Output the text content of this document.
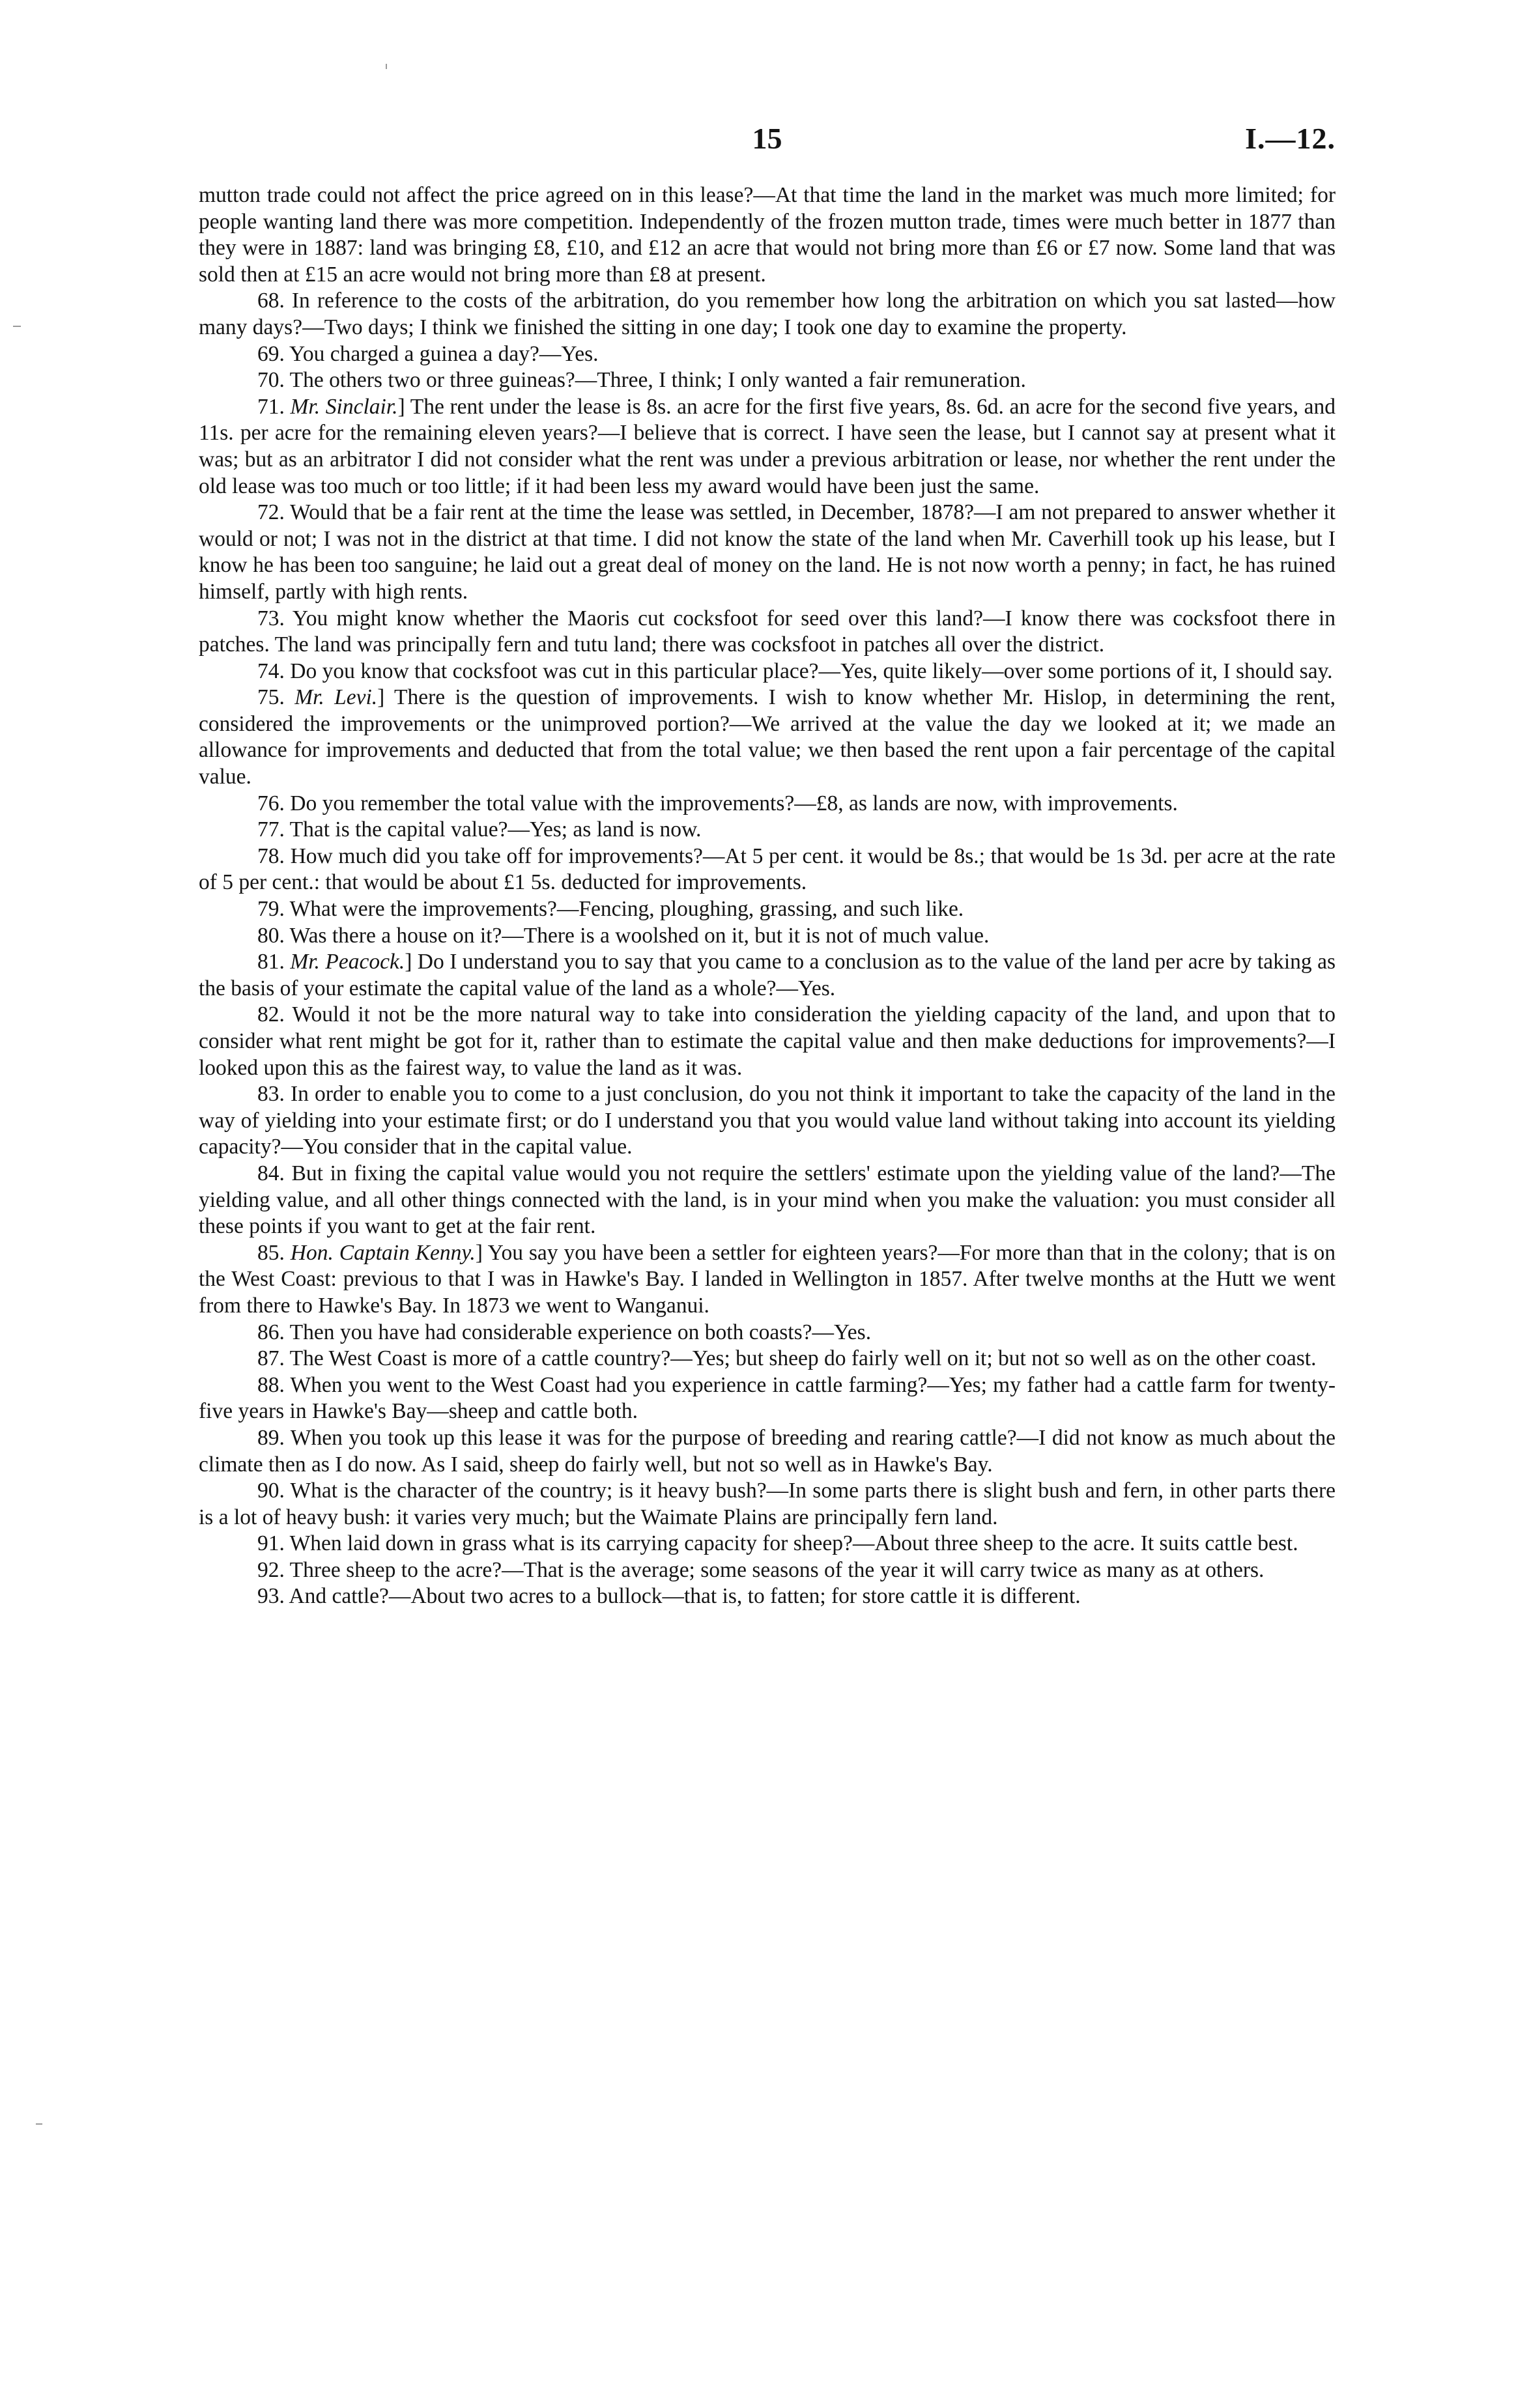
15	I.—12.

mutton trade could not affect the price agreed on in this lease?—At that time the land in the market was much more limited; for people wanting land there was more competition. Independently of the frozen mutton trade, times were much better in 1877 than they were in 1887: land was bringing £8, £10, and £12 an acre that would not bring more than £6 or £7 now. Some land that was sold then at £15 an acre would not bring more than £8 at present.

68. In reference to the costs of the arbitration, do you remember how long the arbitration on which you sat lasted—how many days?—Two days; I think we finished the sitting in one day; I took one day to examine the property.

69. You charged a guinea a day?—Yes.

70. The others two or three guineas?—Three, I think; I only wanted a fair remuneration.

71. Mr. Sinclair.] The rent under the lease is 8s. an acre for the first five years, 8s. 6d. an acre for the second five years, and 11s. per acre for the remaining eleven years?—I believe that is correct. I have seen the lease, but I cannot say at present what it was; but as an arbitrator I did not consider what the rent was under a previous arbitration or lease, nor whether the rent under the old lease was too much or too little; if it had been less my award would have been just the same.

72. Would that be a fair rent at the time the lease was settled, in December, 1878?—I am not prepared to answer whether it would or not; I was not in the district at that time. I did not know the state of the land when Mr. Caverhill took up his lease, but I know he has been too sanguine; he laid out a great deal of money on the land. He is not now worth a penny; in fact, he has ruined himself, partly with high rents.

73. You might know whether the Maoris cut cocksfoot for seed over this land?—I know there was cocksfoot there in patches. The land was principally fern and tutu land; there was cocksfoot in patches all over the district.

74. Do you know that cocksfoot was cut in this particular place?—Yes, quite likely—over some portions of it, I should say.

75. Mr. Levi.] There is the question of improvements. I wish to know whether Mr. Hislop, in determining the rent, considered the improvements or the unimproved portion?—We arrived at the value the day we looked at it; we made an allowance for improvements and deducted that from the total value; we then based the rent upon a fair percentage of the capital value.

76. Do you remember the total value with the improvements?—£8, as lands are now, with improvements.

77. That is the capital value?—Yes; as land is now.

78. How much did you take off for improvements?—At 5 per cent. it would be 8s.; that would be 1s 3d. per acre at the rate of 5 per cent.: that would be about £1 5s. deducted for improvements.

79. What were the improvements?—Fencing, ploughing, grassing, and such like.

80. Was there a house on it?—There is a woolshed on it, but it is not of much value.

81. Mr. Peacock.] Do I understand you to say that you came to a conclusion as to the value of the land per acre by taking as the basis of your estimate the capital value of the land as a whole?—Yes.

82. Would it not be the more natural way to take into consideration the yielding capacity of the land, and upon that to consider what rent might be got for it, rather than to estimate the capital value and then make deductions for improvements?—I looked upon this as the fairest way, to value the land as it was.

83. In order to enable you to come to a just conclusion, do you not think it important to take the capacity of the land in the way of yielding into your estimate first; or do I understand you that you would value land without taking into account its yielding capacity?—You consider that in the capital value.

84. But in fixing the capital value would you not require the settlers' estimate upon the yielding value of the land?—The yielding value, and all other things connected with the land, is in your mind when you make the valuation: you must consider all these points if you want to get at the fair rent.

85. Hon. Captain Kenny.] You say you have been a settler for eighteen years?—For more than that in the colony; that is on the West Coast: previous to that I was in Hawke's Bay. I landed in Wellington in 1857. After twelve months at the Hutt we went from there to Hawke's Bay. In 1873 we went to Wanganui.

86. Then you have had considerable experience on both coasts?—Yes.

87. The West Coast is more of a cattle country?—Yes; but sheep do fairly well on it; but not so well as on the other coast.

88. When you went to the West Coast had you experience in cattle farming?—Yes; my father had a cattle farm for twenty-five years in Hawke's Bay—sheep and cattle both.

89. When you took up this lease it was for the purpose of breeding and rearing cattle?—I did not know as much about the climate then as I do now. As I said, sheep do fairly well, but not so well as in Hawke's Bay.

90. What is the character of the country; is it heavy bush?—In some parts there is slight bush and fern, in other parts there is a lot of heavy bush: it varies very much; but the Waimate Plains are principally fern land.

91. When laid down in grass what is its carrying capacity for sheep?—About three sheep to the acre. It suits cattle best.

92. Three sheep to the acre?—That is the average; some seasons of the year it will carry twice as many as at others.

93. And cattle?—About two acres to a bullock—that is, to fatten; for store cattle it is different.
